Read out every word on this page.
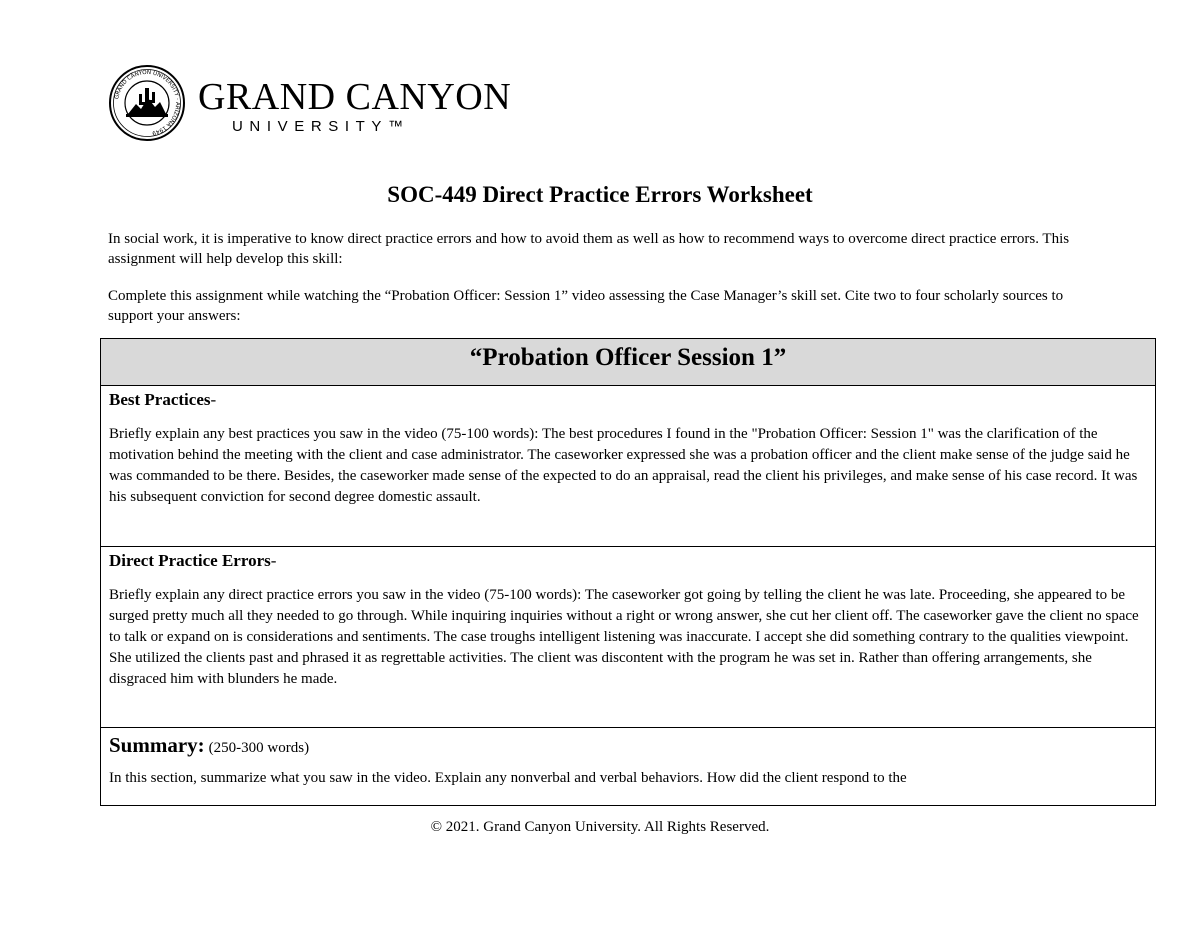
GRAND CANYON UNIVERSITY · ARIZONA 1949
GRAND CANYON
UNIVERSITY™
SOC-449 Direct Practice Errors Worksheet

In social work, it is imperative to know direct practice errors and how to avoid them as well as how to recommend ways to overcome direct practice errors. This assignment will help develop this skill:

Complete this assignment while watching the “Probation Officer: Session 1” video assessing the Case Manager’s skill set. Cite two to four scholarly sources to support your answers:

“Probation Officer Session 1”
Best Practices-
Briefly explain any best practices you saw in the video (75-100 words): The best procedures I found in the "Probation Officer: Session 1" was the clarification of the motivation behind the meeting with the client and case administrator. The caseworker expressed she was a probation officer and the client make sense of the judge said he was commanded to be there. Besides, the caseworker made sense of the expected to do an appraisal, read the client his privileges, and make sense of his case record. It was his subsequent conviction for second degree domestic assault.
Direct Practice Errors-
Briefly explain any direct practice errors you saw in the video (75-100 words): The caseworker got going by telling the client he was late. Proceeding, she appeared to be surged pretty much all they needed to go through. While inquiring inquiries without a right or wrong answer, she cut her client off. The caseworker gave the client no space to talk or expand on is considerations and sentiments. The case troughs intelligent listening was inaccurate. I accept she did something contrary to the qualities viewpoint. She utilized the clients past and phrased it as regrettable activities. The client was discontent with the program he was set in. Rather than offering arrangements, she disgraced him with blunders he made.
Summary: (250-300 words)
In this section, summarize what you saw in the video. Explain any nonverbal and verbal behaviors. How did the client respond to the
© 2021. Grand Canyon University. All Rights Reserved.
